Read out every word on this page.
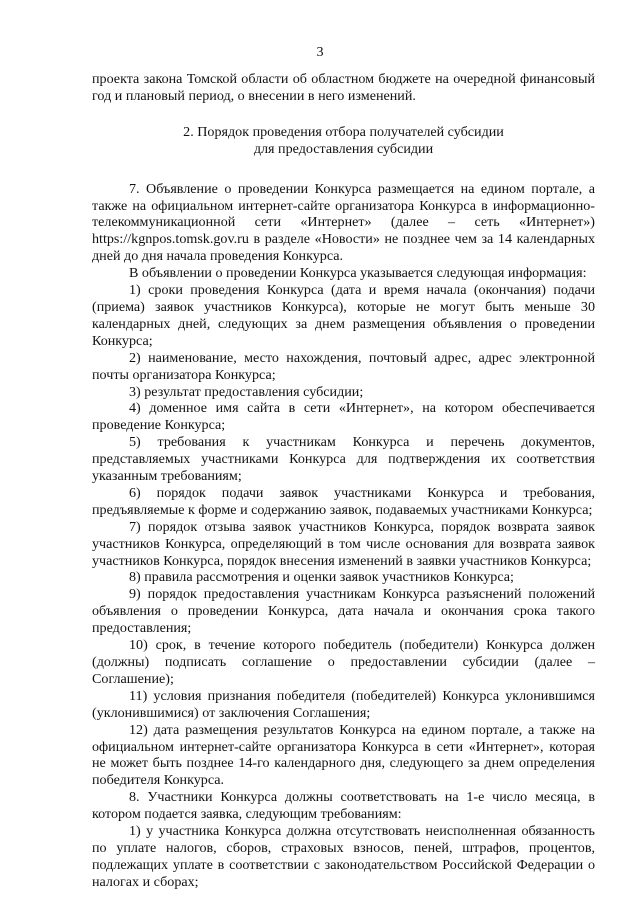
3

проекта закона Томской области об областном бюджете на очередной финансовый год и плановый период, о внесении в него изменений.

2. Порядок проведения отбора получателей субсидии
для предоставления субсидии

7. Объявление о проведении Конкурса размещается на едином портале, а также на официальном интернет-сайте организатора Конкурса в информационно-телекоммуникационной сети «Интернет» (далее – сеть «Интернет») https://kgnpos.tomsk.gov.ru в разделе «Новости» не позднее чем за 14 календарных дней до дня начала проведения Конкурса.

В объявлении о проведении Конкурса указывается следующая информация:

1) сроки проведения Конкурса (дата и время начала (окончания) подачи (приема) заявок участников Конкурса), которые не могут быть меньше 30 календарных дней, следующих за днем размещения объявления о проведении Конкурса;

2) наименование, место нахождения, почтовый адрес, адрес электронной почты организатора Конкурса;

3) результат предоставления субсидии;

4) доменное имя сайта в сети «Интернет», на котором обеспечивается проведение Конкурса;

5) требования к участникам Конкурса и перечень документов, представляемых участниками Конкурса для подтверждения их соответствия указанным требованиям;

6) порядок подачи заявок участниками Конкурса и требования, предъявляемые к форме и содержанию заявок, подаваемых участниками Конкурса;

7) порядок отзыва заявок участников Конкурса, порядок возврата заявок участников Конкурса, определяющий в том числе основания для возврата заявок участников Конкурса, порядок внесения изменений в заявки участников Конкурса;

8) правила рассмотрения и оценки заявок участников Конкурса;

9) порядок предоставления участникам Конкурса разъяснений положений объявления о проведении Конкурса, дата начала и окончания срока такого предоставления;

10) срок, в течение которого победитель (победители) Конкурса должен (должны) подписать соглашение о предоставлении субсидии (далее – Соглашение);

11) условия признания победителя (победителей) Конкурса уклонившимся (уклонившимися) от заключения Соглашения;

12) дата размещения результатов Конкурса на едином портале, а также на официальном интернет-сайте организатора Конкурса в сети «Интернет», которая не может быть позднее 14-го календарного дня, следующего за днем определения победителя Конкурса.

8. Участники Конкурса должны соответствовать на 1-е число месяца, в котором подается заявка, следующим требованиям:

1) у участника Конкурса должна отсутствовать неисполненная обязанность по уплате налогов, сборов, страховых взносов, пеней, штрафов, процентов, подлежащих уплате в соответствии с законодательством Российской Федерации о налогах и сборах;
